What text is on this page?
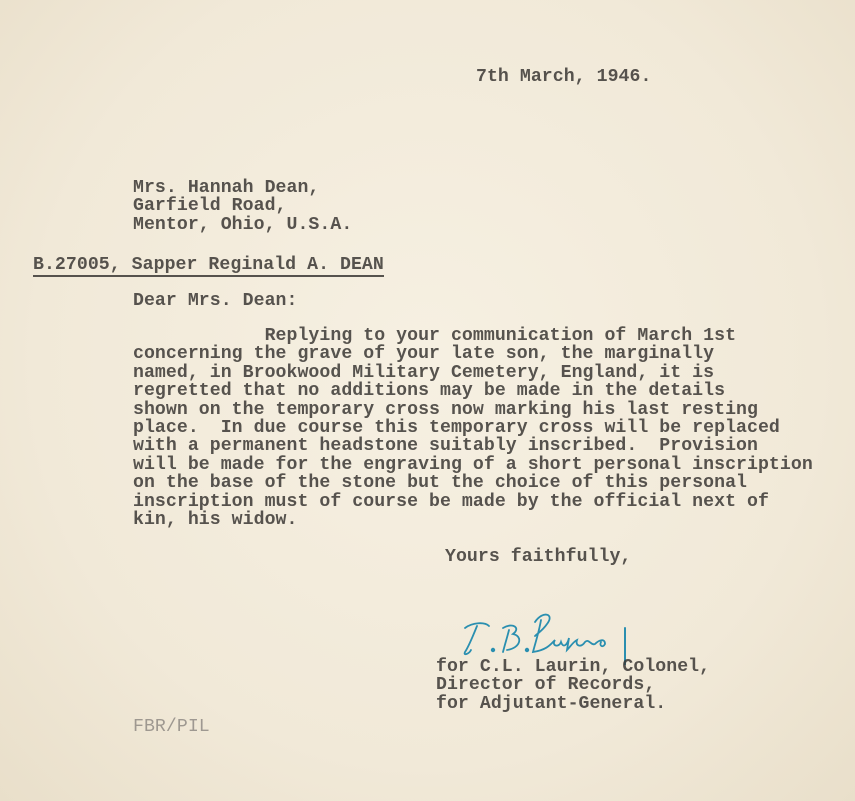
7th March, 1946.
Mrs. Hannah Dean,
Garfield Road,
Mentor, Ohio, U.S.A.
B.27005, Sapper Reginald A. DEAN
Dear Mrs. Dean:
Replying to your communication of March 1st
concerning the grave of your late son, the marginally
named, in Brookwood Military Cemetery, England, it is
regretted that no additions may be made in the details
shown on the temporary cross now marking his last resting
place.  In due course this temporary cross will be replaced
with a permanent headstone suitably inscribed.  Provision
will be made for the engraving of a short personal inscription
on the base of the stone but the choice of this personal
inscription must of course be made by the official next of
kin, his widow.
Yours faithfully,
for C.L. Laurin, Colonel,
Director of Records,
for Adjutant-General.
FBR/PIL
